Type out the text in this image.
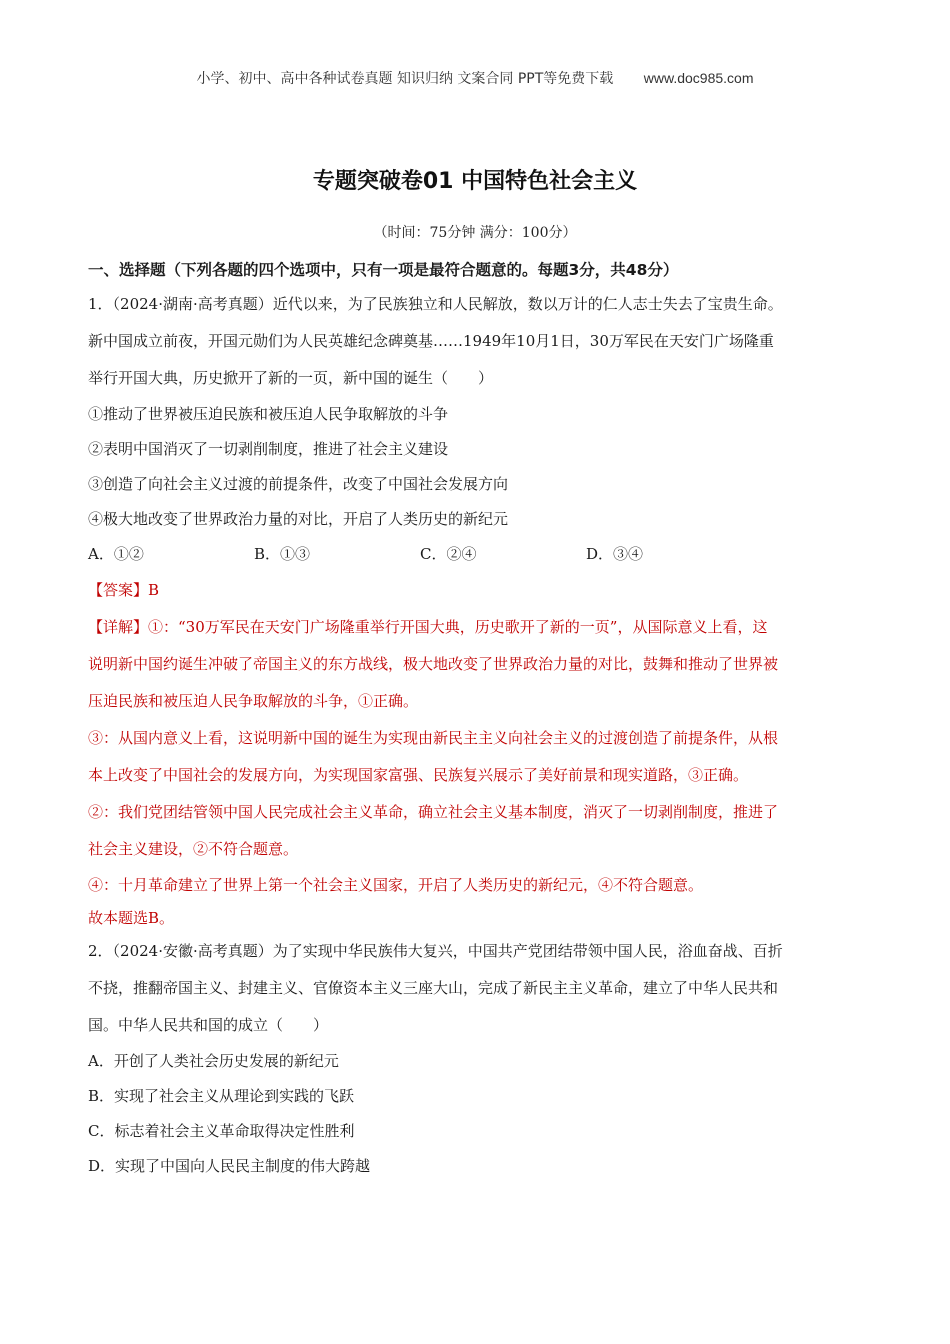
小学、初中、高中各种试卷真题 知识归纳 文案合同 PPT等免费下载 www.doc985.com
专题突破卷01 中国特色社会主义
（时间：75分钟 满分：100分）

一、选择题（下列各题的四个选项中，只有一项是最符合题意的。每题3分，共48分）

1．（2024·湖南·高考真题）近代以来，为了民族独立和人民解放，数以万计的仁人志士失去了宝贵生命。

新中国成立前夜，开国元勋们为人民英雄纪念碑奠基……1949年10月1日，30万军民在天安门广场隆重

举行开国大典，历史掀开了新的一页，新中国的诞生（　　）

①推动了世界被压迫民族和被压迫人民争取解放的斗争

②表明中国消灭了一切剥削制度，推进了社会主义建设

③创造了向社会主义过渡的前提条件，改变了中国社会发展方向

④极大地改变了世界政治力量的对比，开启了人类历史的新纪元

A．①②	B．①③	C．②④	D．③④

【答案】B

【详解】①：“30万军民在天安门广场隆重举行开国大典，历史歌开了新的一页”，从国际意义上看，这

说明新中国约诞生冲破了帝国主义的东方战线，极大地改变了世界政治力量的对比，鼓舞和推动了世界被

压迫民族和被压迫人民争取解放的斗争，①正确。

③：从国内意义上看，这说明新中国的诞生为实现由新民主主义向社会主义的过渡创造了前提条件，从根

本上改变了中国社会的发展方向，为实现国家富强、民族复兴展示了美好前景和现实道路，③正确。

②：我们党团结管领中国人民完成社会主义革命，确立社会主义基本制度，消灭了一切剥削制度，推进了

社会主义建设，②不符合题意。

④：十月革命建立了世界上第一个社会主义国家，开启了人类历史的新纪元，④不符合题意。

故本题选B。

2．（2024·安徽·高考真题）为了实现中华民族伟大复兴，中国共产党团结带领中国人民，浴血奋战、百折

不挠，推翻帝国主义、封建主义、官僚资本主义三座大山，完成了新民主主义革命，建立了中华人民共和

国。中华人民共和国的成立（　　）

A．开创了人类社会历史发展的新纪元

B．实现了社会主义从理论到实践的飞跃

C．标志着社会主义革命取得决定性胜利

D．实现了中国向人民民主制度的伟大跨越
